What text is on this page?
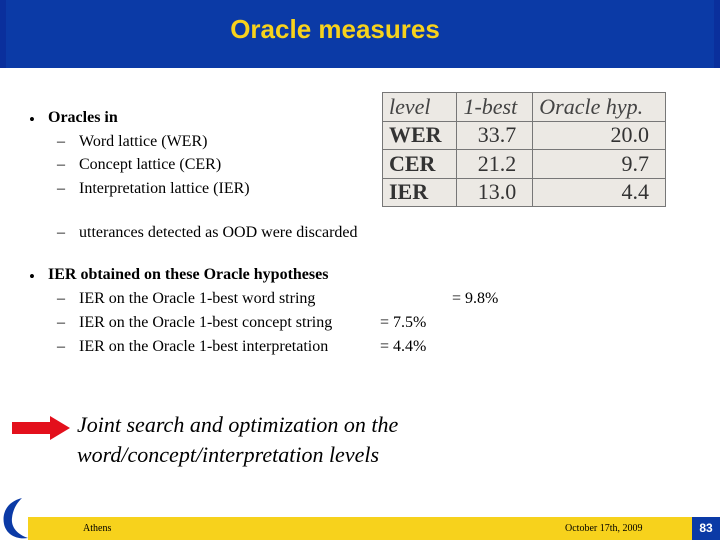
Oracle measures
• Oracles in
– Word lattice (WER)
– Concept lattice (CER)
– Interpretation lattice (IER)
– utterances detected as OOD were discarded
level	1-best	Oracle hyp.
WER	33.7	20.0
CER	21.2	9.7
IER	13.0	4.4
• IER obtained on these Oracle hypotheses
– IER on the Oracle 1-best word string	= 9.8%
– IER on the Oracle 1-best concept string	= 7.5%
– IER on the Oracle 1-best interpretation	= 4.4%
Joint search and optimization on the
word/concept/interpretation levels
Athens	October 17th, 2009	83
